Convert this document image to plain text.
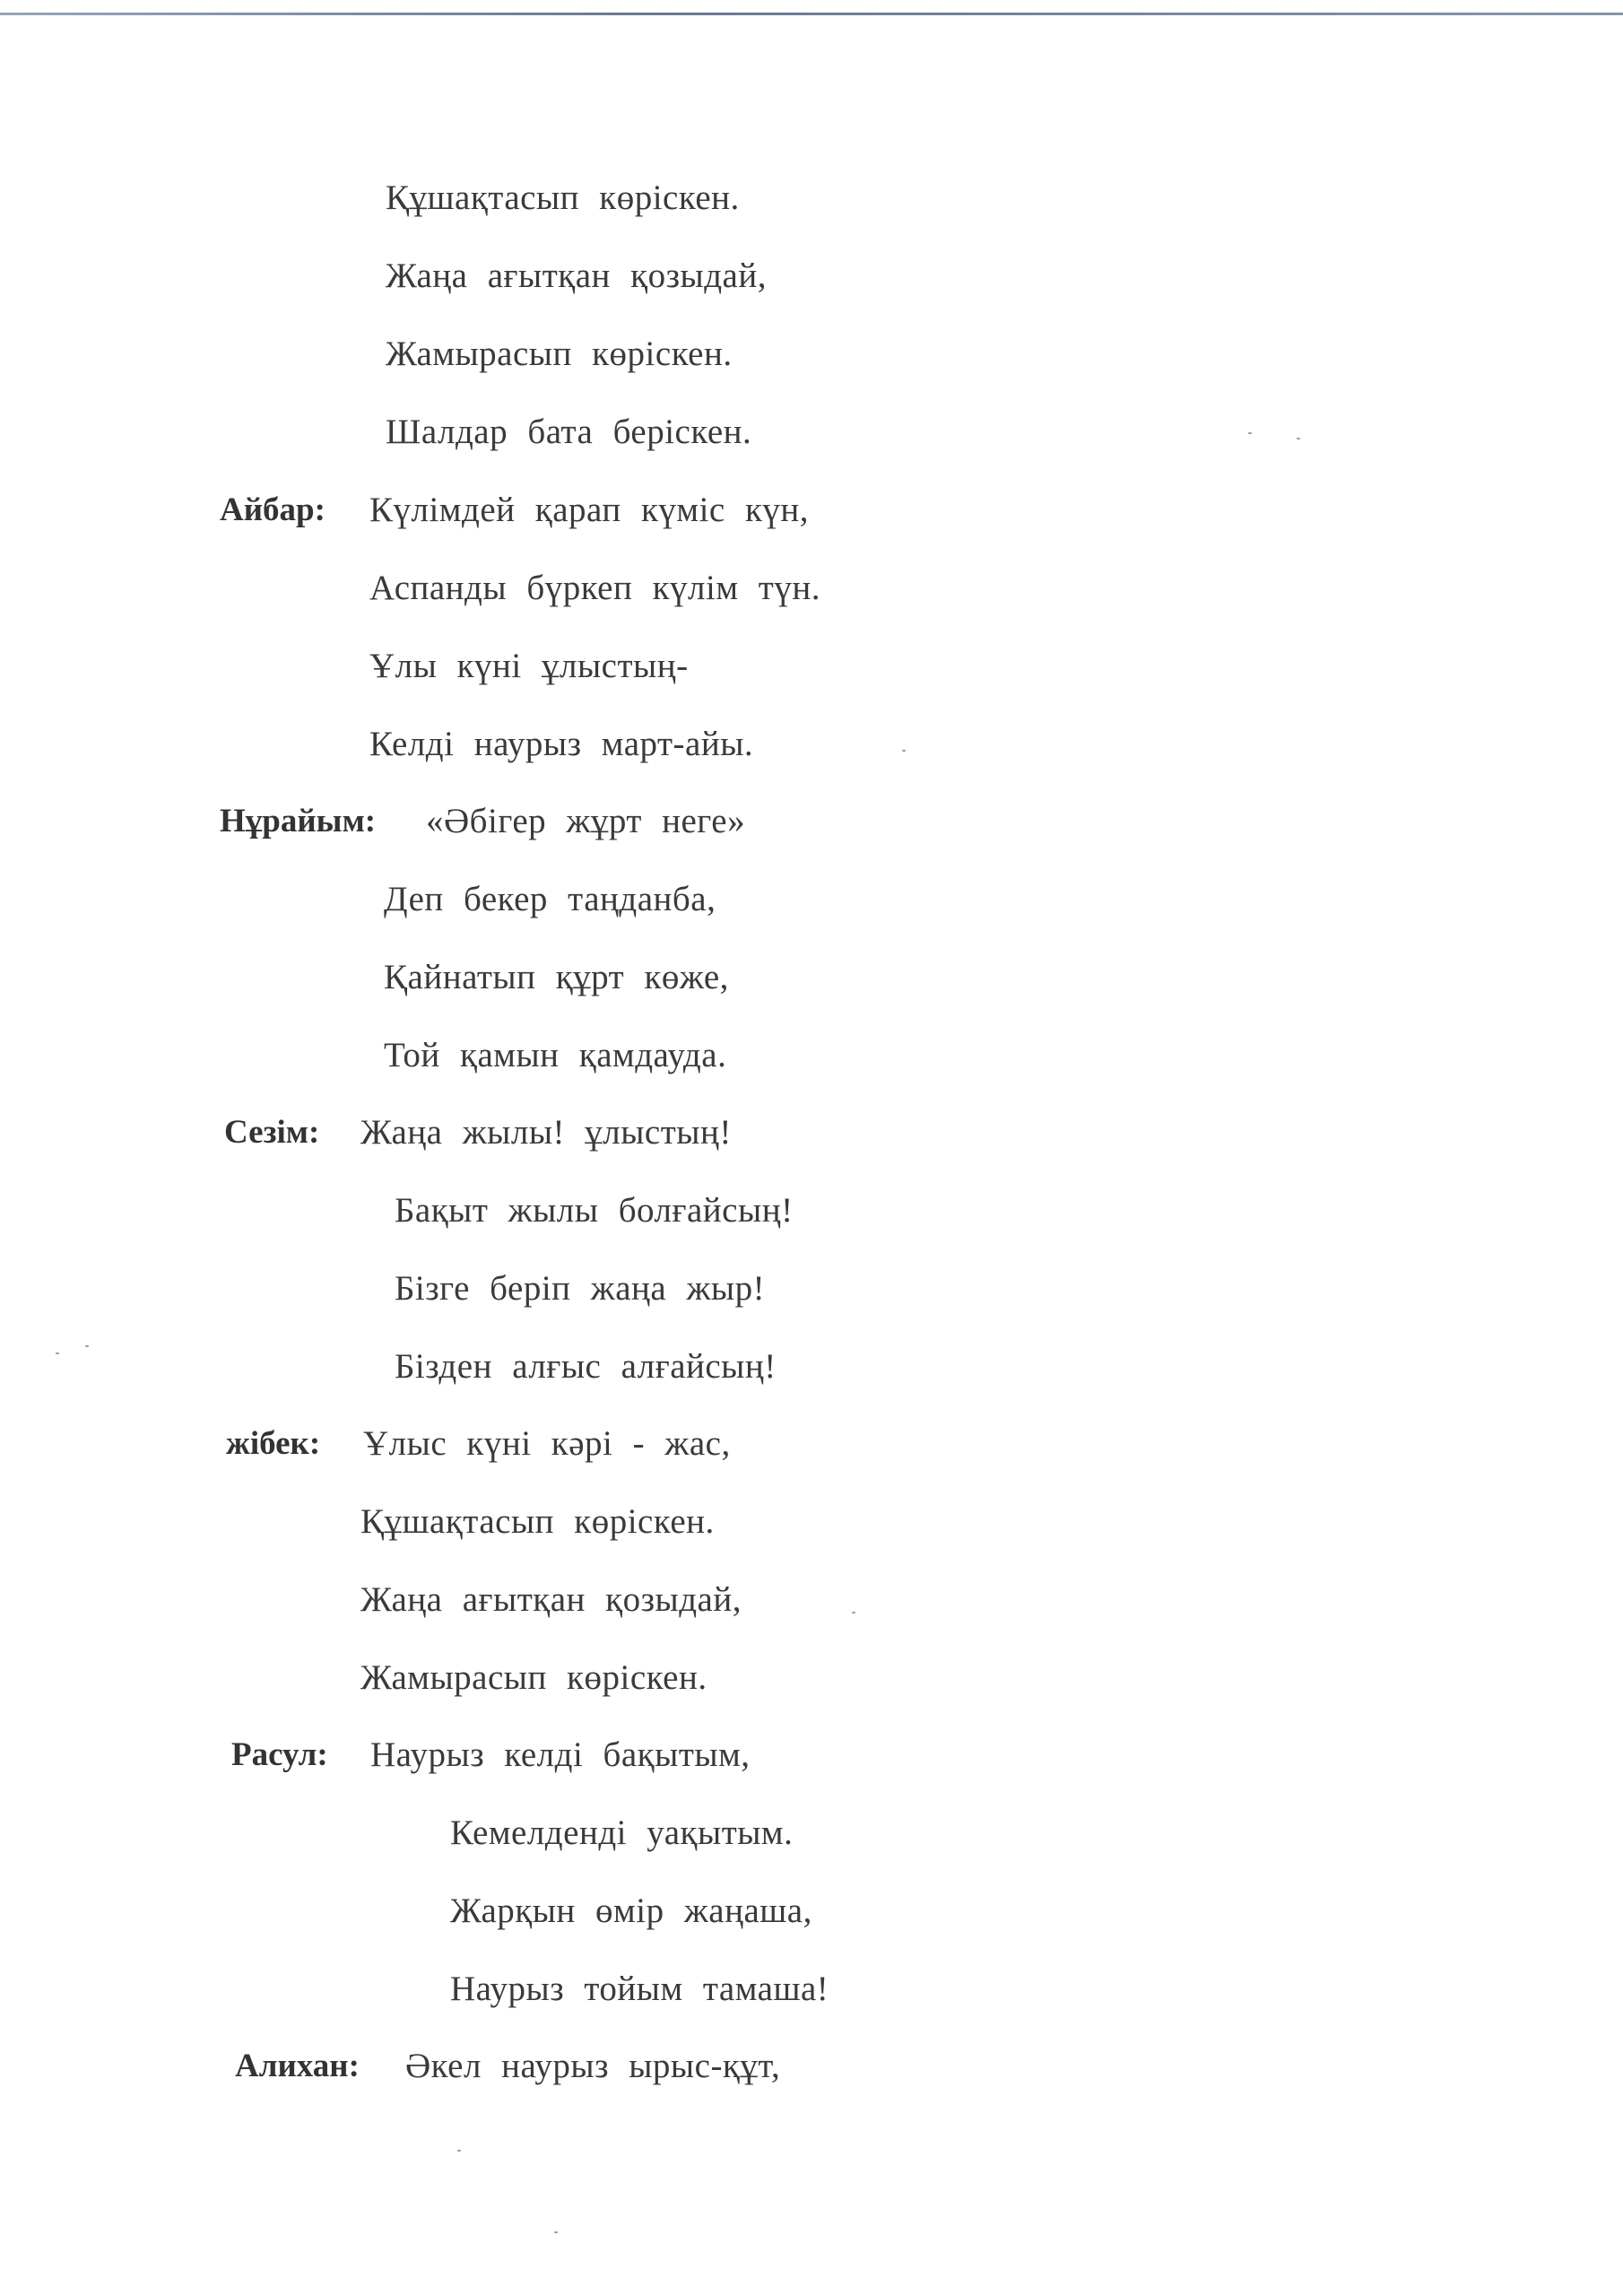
Құшақтасып көріскен.
Жаңа ағытқан қозыдай,
Жамырасып көріскен.
Шалдар бата беріскен.
Айбар: Күлімдей қарап күміс күн,
Аспанды бүркеп күлім түн.
Ұлы күні ұлыстың-
Келді наурыз март-айы.
Нұрайым: «Әбігер жұрт неге»
Деп бекер таңданба,
Қайнатып құрт көже,
Той қамын қамдауда.
Сезім: Жаңа жылы! ұлыстың!
Бақыт жылы болғайсың!
Бізге беріп жаңа жыр!
Бізден алғыс алғайсың!
жібек: Ұлыс күні кәрі - жас,
Құшақтасып көріскен.
Жаңа ағытқан қозыдай,
Жамырасып көріскен.
Расул: Наурыз келді бақытым,
Кемелденді уақытым.
Жарқын өмір жаңаша,
Наурыз тойым тамаша!
Алихан: Әкел наурыз ырыс-құт,
